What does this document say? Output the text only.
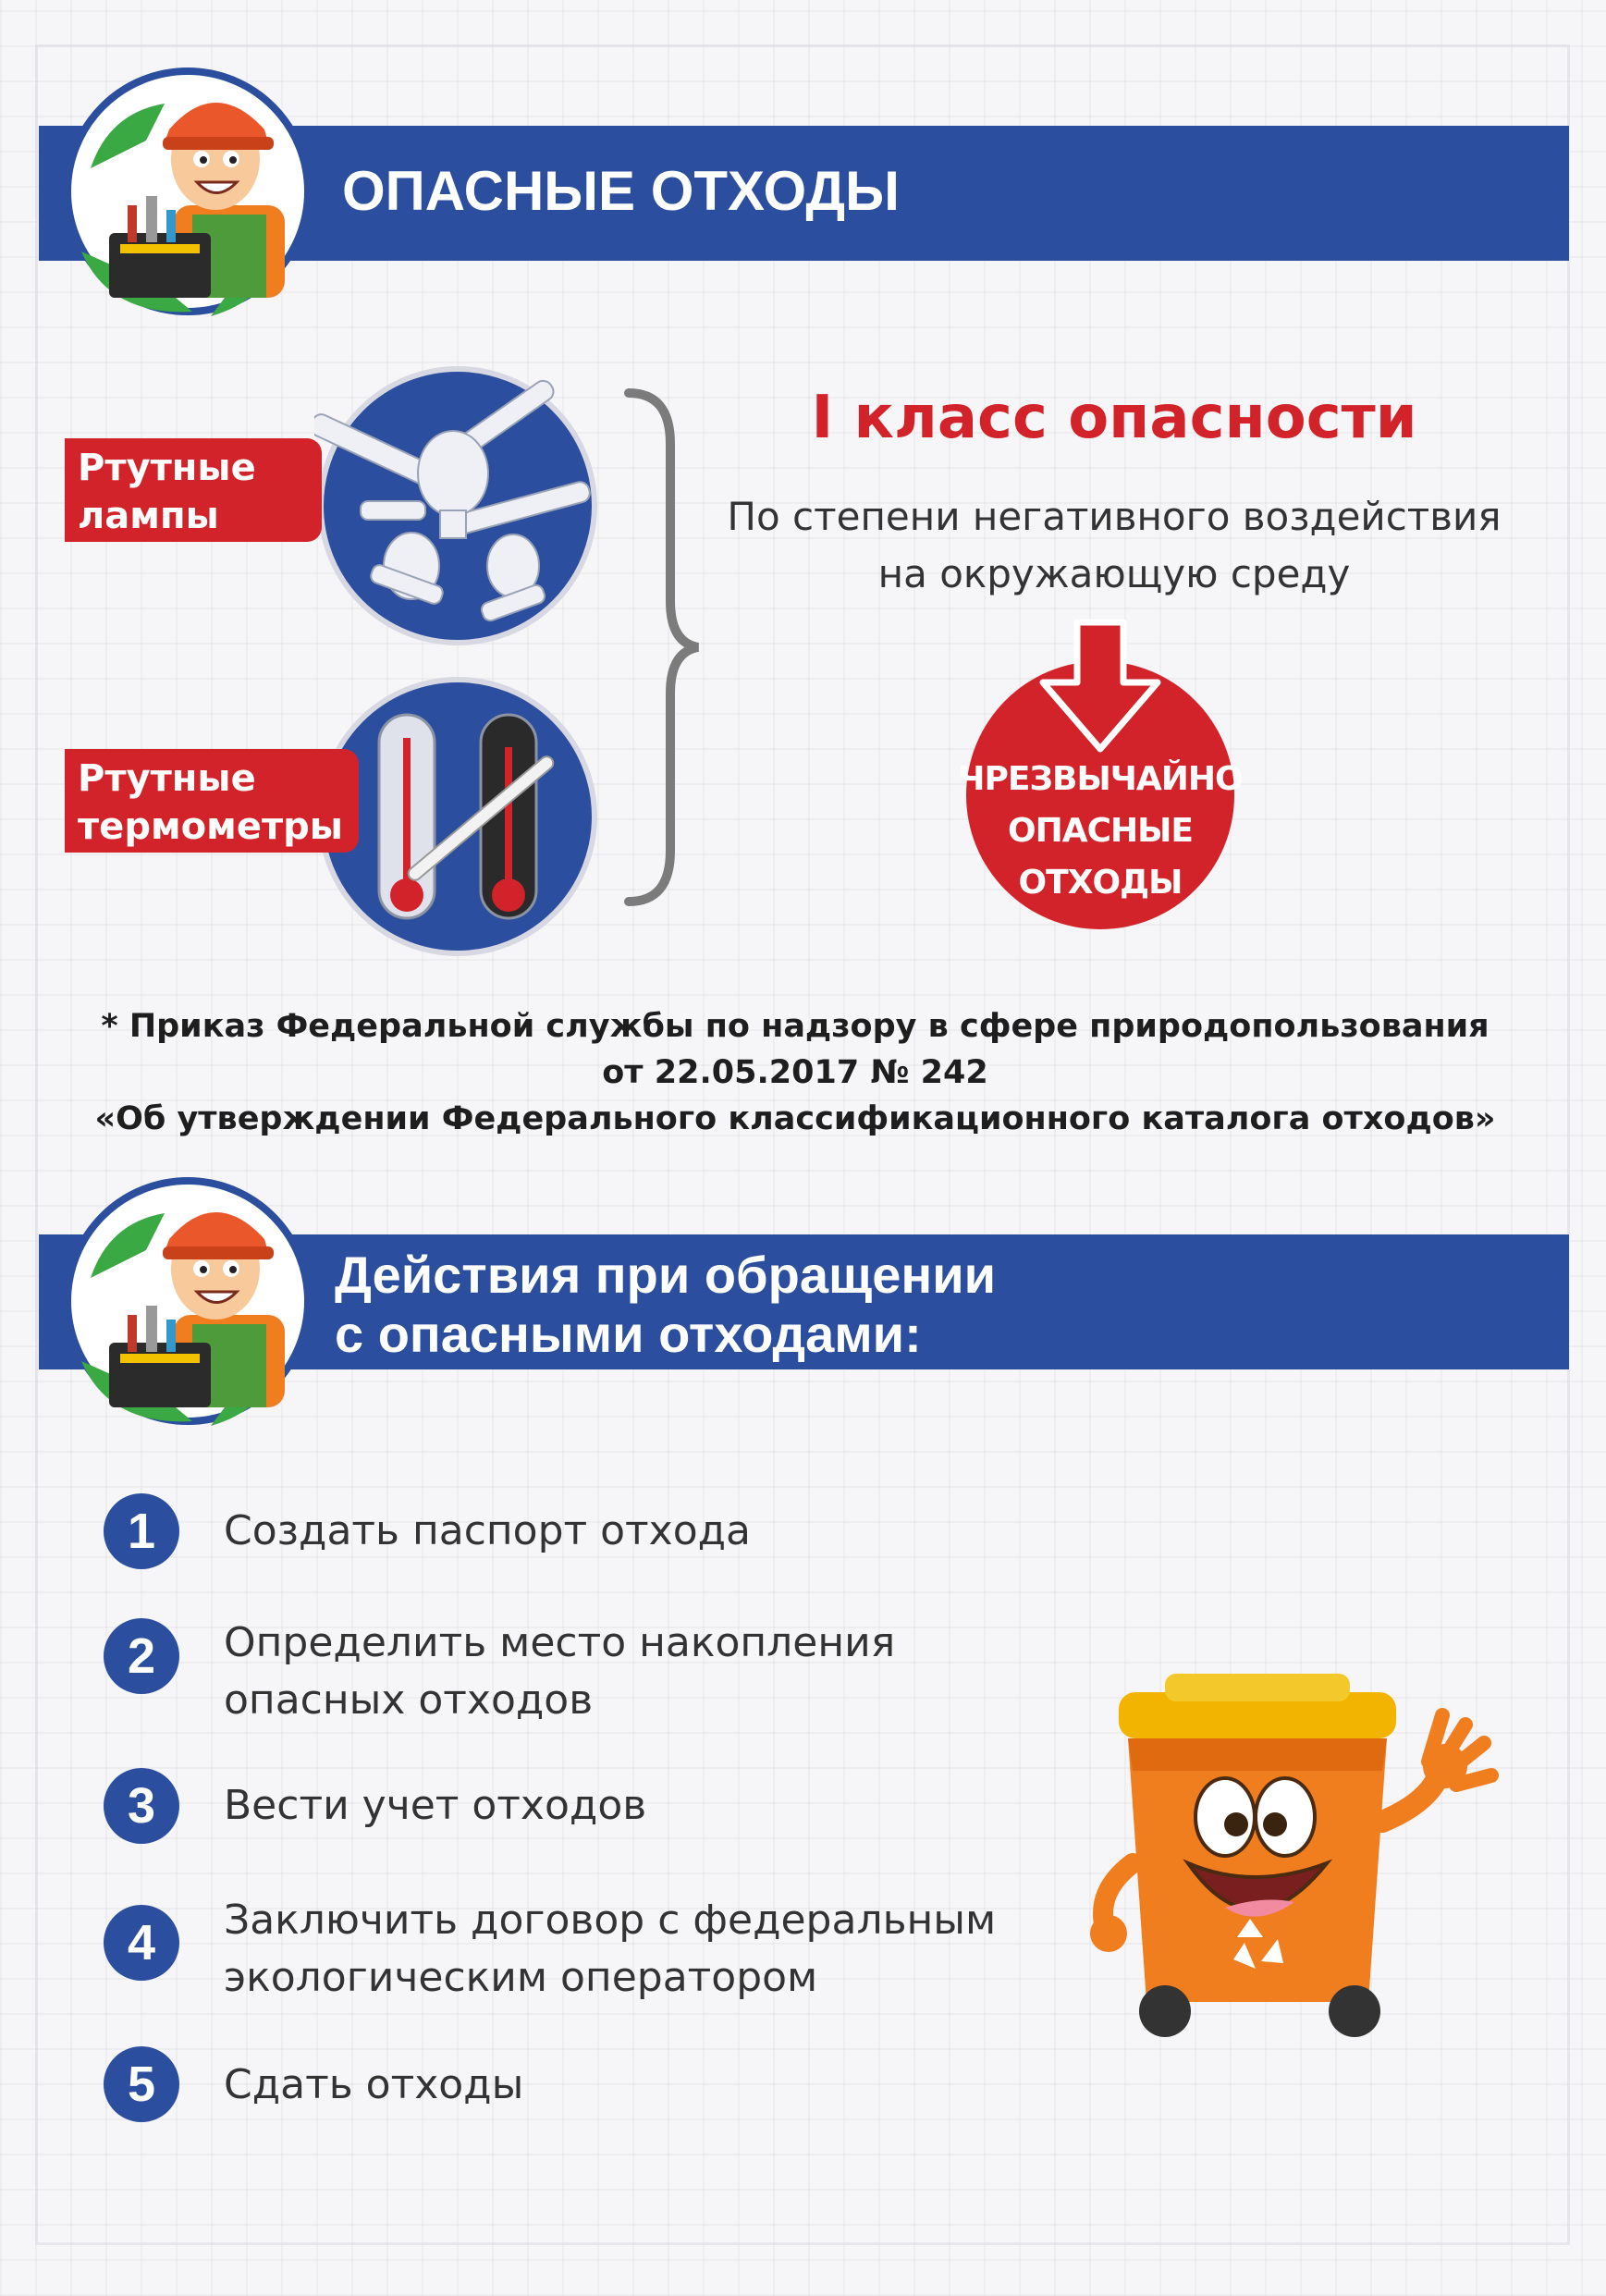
ОПАСНЫЕ ОТХОДЫ
Ртутные
лампы
Ртутные
термометры
I класс опасности
По степени негативного воздействия
на окружающую среду
ЧРЕЗВЫЧАЙНО
ОПАСНЫЕ
ОТХОДЫ
* Приказ Федеральной службы по надзору в сфере природопользования
от 22.05.2017 № 242
«Об утверждении Федерального классификационного каталога отходов»
Действия при обращении
с опасными отходами:
1	Создать паспорт отхода
2	Определить место накопления
опасных отходов
3	Вести учет отходов
4	Заключить договор с федеральным
экологическим оператором
5	Сдать отходы
